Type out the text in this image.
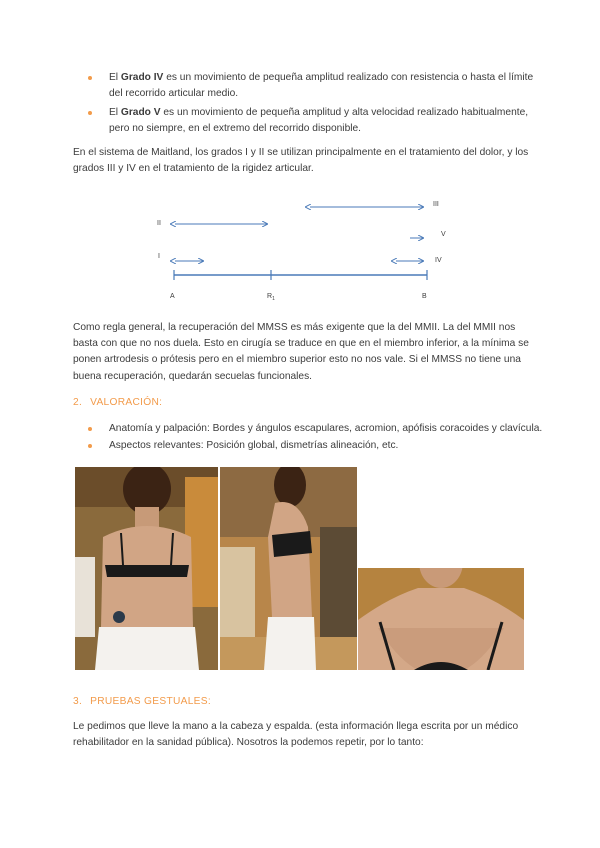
El Grado IV es un movimiento de pequeña amplitud realizado con resistencia o hasta el límite del recorrido articular medio.
El Grado V es un movimiento de pequeña amplitud y alta velocidad realizado habitualmente, pero no siempre, en el extremo del recorrido disponible.

En el sistema de Maitland, los grados I y II se utilizan principalmente en el tratamiento del dolor, y los grados III y IV en el tratamiento de la rigidez articular.

III
II
V
I
IV
A	$R_1$	B

Como regla general, la recuperación del MMSS es más exigente que la del MMII. La del MMII nos basta con que no nos duela. Esto en cirugía se traduce en que en el miembro inferior, a la mínima se ponen artrodesis o prótesis pero en el miembro superior esto no nos vale. Si el MMSS no tiene una buena recuperación, quedarán secuelas funcionales.

2. VALORACIÓN:
Anatomía y palpación: Bordes y ángulos escapulares, acromion, apófisis coracoides y clavícula.
Aspectos relevantes: Posición global, dismetrías alineación, etc.
3. PRUEBAS GESTUALES:

Le pedimos que lleve la mano a la cabeza y espalda. (esta información llega escrita por un médico rehabilitador en la sanidad pública). Nosotros la podemos repetir, por lo tanto:
